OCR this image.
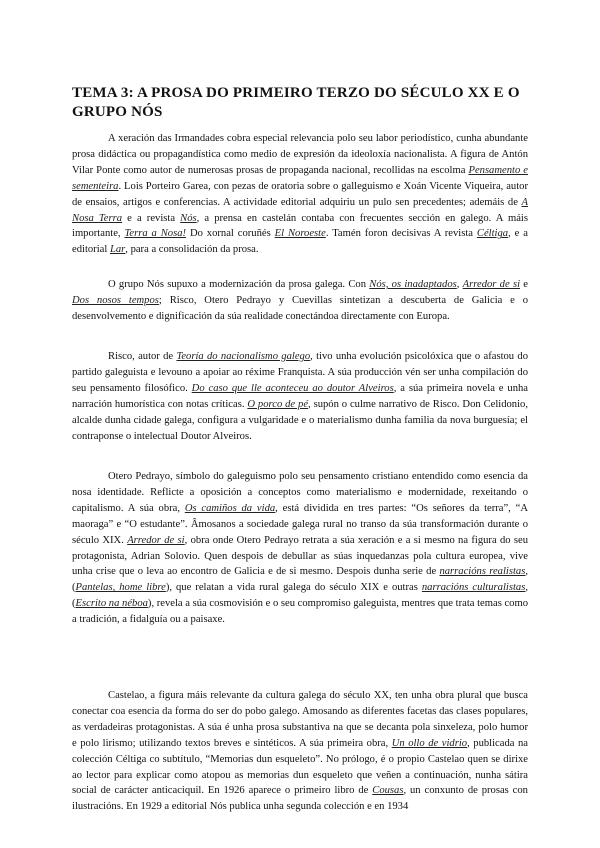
TEMA 3: A PROSA DO PRIMEIRO TERZO DO SÉCULO XX E O GRUPO NÓS

A xeración das Irmandades cobra especial relevancia polo seu labor periodístico, cunha abundante prosa didáctica ou propagandística como medio de expresión da ideoloxía nacionalista. A figura de Antón Vilar Ponte como autor de numerosas prosas de propaganda nacional, recollidas na escolma Pensamento e sementeira. Lois Porteiro Garea, con pezas de oratoria sobre o galleguismo e Xoán Vicente Viqueira, autor de ensaios, artigos e conferencias. A actividade editorial adquiriu un pulo sen precedentes; ademáis de A Nosa Terra e a revista Nós, a prensa en castelán contaba con frecuentes sección en galego. A máis importante, Terra a Nosa! Do xornal coruñés El Noroeste. Tamén foron decisivas A revista Céltiga, e a editorial Lar, para a consolidación da prosa.

O grupo Nós supuxo a modernización da prosa galega. Con Nós, os inadaptados, Arredor de si e Dos nosos tempos; Risco, Otero Pedrayo y Cuevillas sintetizan a descuberta de Galicia e o desenvolvemento e dignificación da súa realidade conectándoa directamente con Europa.

Risco, autor de Teoría do nacionalismo galego, tivo unha evolución psicolóxica que o afastou do partido galeguista e levouno a apoiar ao réxime Franquista. A súa producción vén ser unha compilación do seu pensamento filosófico. Do caso que lle aconteceu ao doutor Alveiros, a súa primeira novela e unha narración humorística con notas críticas. O porco de pé, supón o culme narrativo de Risco. Don Celidonio, alcalde dunha cidade galega, configura a vulgaridade e o materialismo dunha familia da nova burguesía; el contraponse o intelectual Doutor Alveiros.

Otero Pedrayo, símbolo do galeguismo polo seu pensamento cristiano entendido como esencia da nosa identidade. Reflicte a oposición a conceptos como materialismo e modernidade, rexeitando o capitalismo. A súa obra, Os camiños da vida, está dividida en tres partes: “Os señores da terra”, “A maoraga” e “O estudante”. Âmosanos a sociedade galega rural no transo da súa transformación durante o século XIX. Arredor de si, obra onde Otero Pedrayo retrata a súa xeración e a si mesmo na figura do seu protagonista, Adrian Solovio. Quen despois de debullar as súas inquedanzas pola cultura europea, vive unha crise que o leva ao encontro de Galicia e de si mesmo. Despois dunha serie de narracións realistas, (Pantelas, home libre), que relatan a vida rural galega do século XIX e outras narracións culturalistas, (Escrito na néboa), revela a súa cosmovisión e o seu compromiso galeguista, mentres que trata temas como a tradición, a fidalguía ou a paisaxe.

Castelao, a figura máis relevante da cultura galega do século XX, ten unha obra plural que busca conectar coa esencia da forma do ser do pobo galego. Amosando as diferentes facetas das clases populares, as verdadeiras protagonistas. A súa é unha prosa substantiva na que se decanta pola sinxeleza, polo humor e polo lirismo; utilizando textos breves e sintéticos. A súa primeira obra, Un ollo de vidrio, publicada na colección Céltiga co subtítulo, “Memorias dun esqueleto”. No prólogo, é o propio Castelao quen se dirixe ao lector para explicar como atopou as memorias dun esqueleto que veñen a continuación, nunha sátira social de carácter anticaciquil. En 1926 aparece o primeiro libro de Cousas, un conxunto de prosas con ilustracións. En 1929 a editorial Nós publica unha segunda colección e en 1934
